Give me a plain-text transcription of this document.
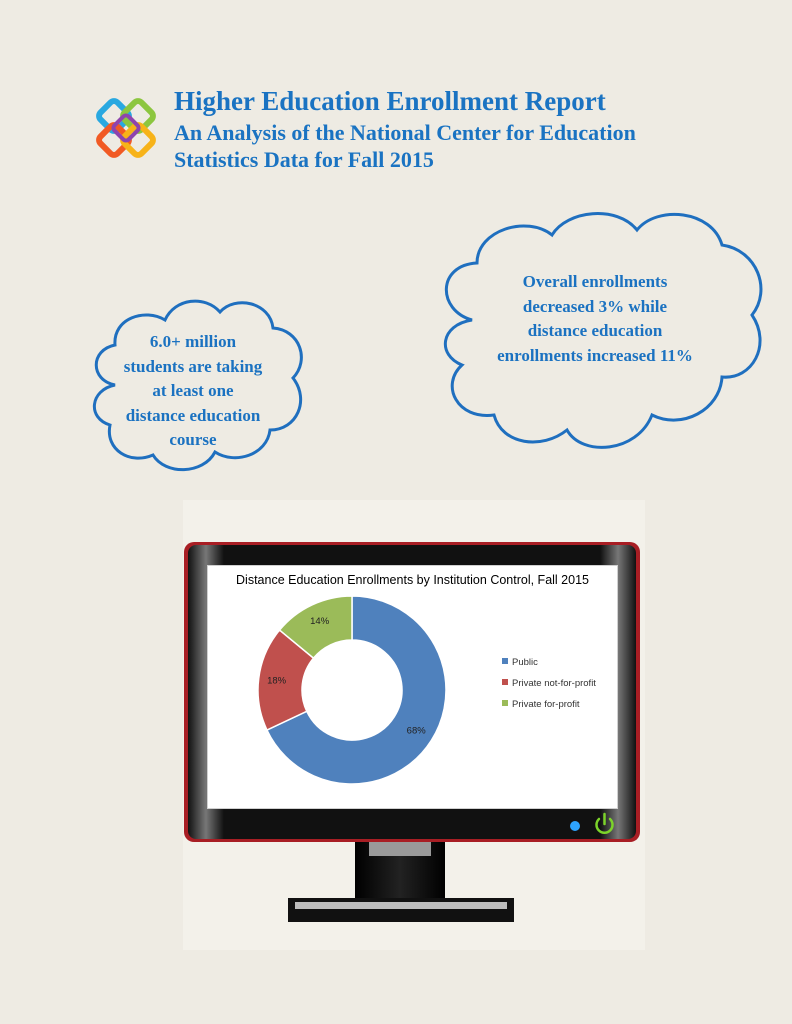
Higher Education Enrollment Report
An Analysis of the National Center for Education
Statistics Data for Fall 2015
6.0+ million
students are taking
at least one
distance education
course
Overall enrollments
decreased 3% while
distance education
enrollments increased 11%
Distance Education Enrollments by Institution Control, Fall 2015
68%
18%
14%
Public
Private not-for-profit
Private for-profit
